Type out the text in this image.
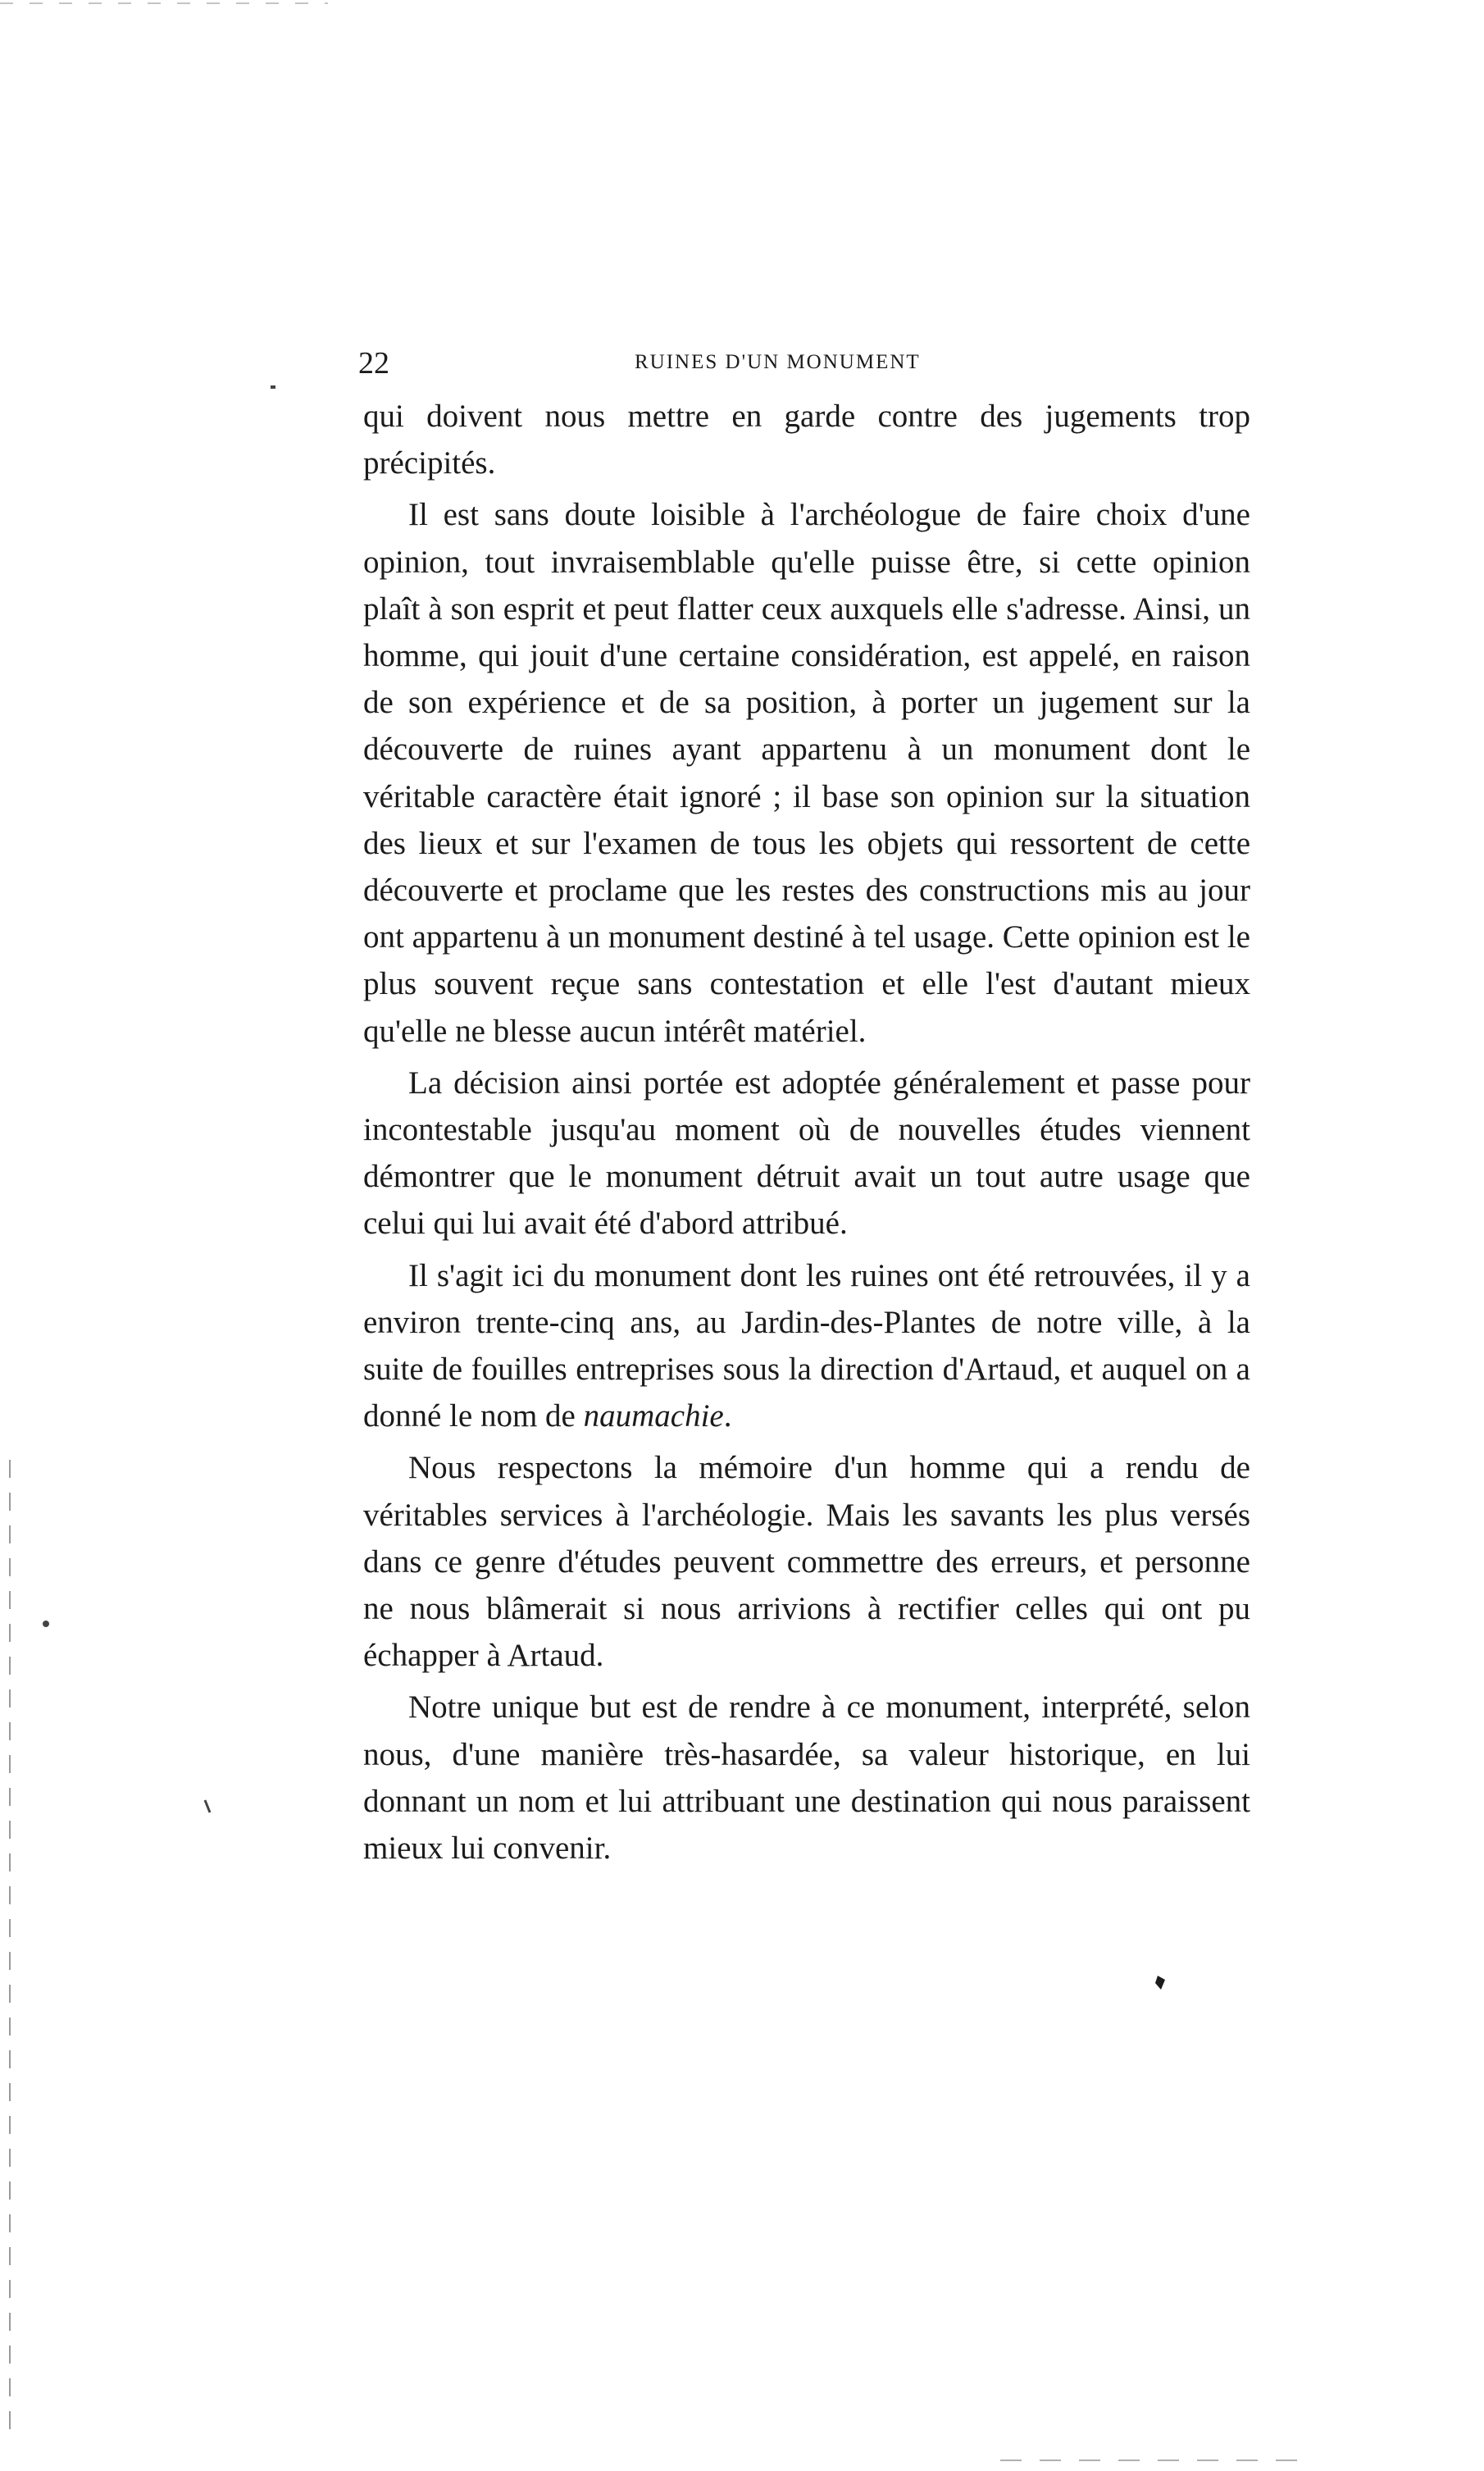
22	RUINES D'UN MONUMENT

qui doivent nous mettre en garde contre des jugements trop précipités.

Il est sans doute loisible à l'archéologue de faire choix d'une opinion, tout invraisemblable qu'elle puisse être, si cette opinion plaît à son esprit et peut flatter ceux auxquels elle s'adresse. Ainsi, un homme, qui jouit d'une certaine considération, est appelé, en raison de son expérience et de sa position, à porter un jugement sur la découverte de ruines ayant appartenu à un monument dont le véritable caractère était ignoré ; il base son opinion sur la situation des lieux et sur l'examen de tous les objets qui ressortent de cette découverte et proclame que les restes des constructions mis au jour ont appartenu à un monument destiné à tel usage. Cette opinion est le plus souvent reçue sans contestation et elle l'est d'autant mieux qu'elle ne blesse aucun intérêt matériel.

La décision ainsi portée est adoptée généralement et passe pour incontestable jusqu'au moment où de nouvelles études viennent démontrer que le monument détruit avait un tout autre usage que celui qui lui avait été d'abord attribué.

Il s'agit ici du monument dont les ruines ont été retrouvées, il y a environ trente-cinq ans, au Jardin-des-Plantes de notre ville, à la suite de fouilles entreprises sous la direction d'Artaud, et auquel on a donné le nom de naumachie.

Nous respectons la mémoire d'un homme qui a rendu de véritables services à l'archéologie. Mais les savants les plus versés dans ce genre d'études peuvent commettre des erreurs, et personne ne nous blâmerait si nous arrivions à rectifier celles qui ont pu échapper à Artaud.

Notre unique but est de rendre à ce monument, interprété, selon nous, d'une manière très-hasardée, sa valeur historique, en lui donnant un nom et lui attribuant une destination qui nous paraissent mieux lui convenir.
